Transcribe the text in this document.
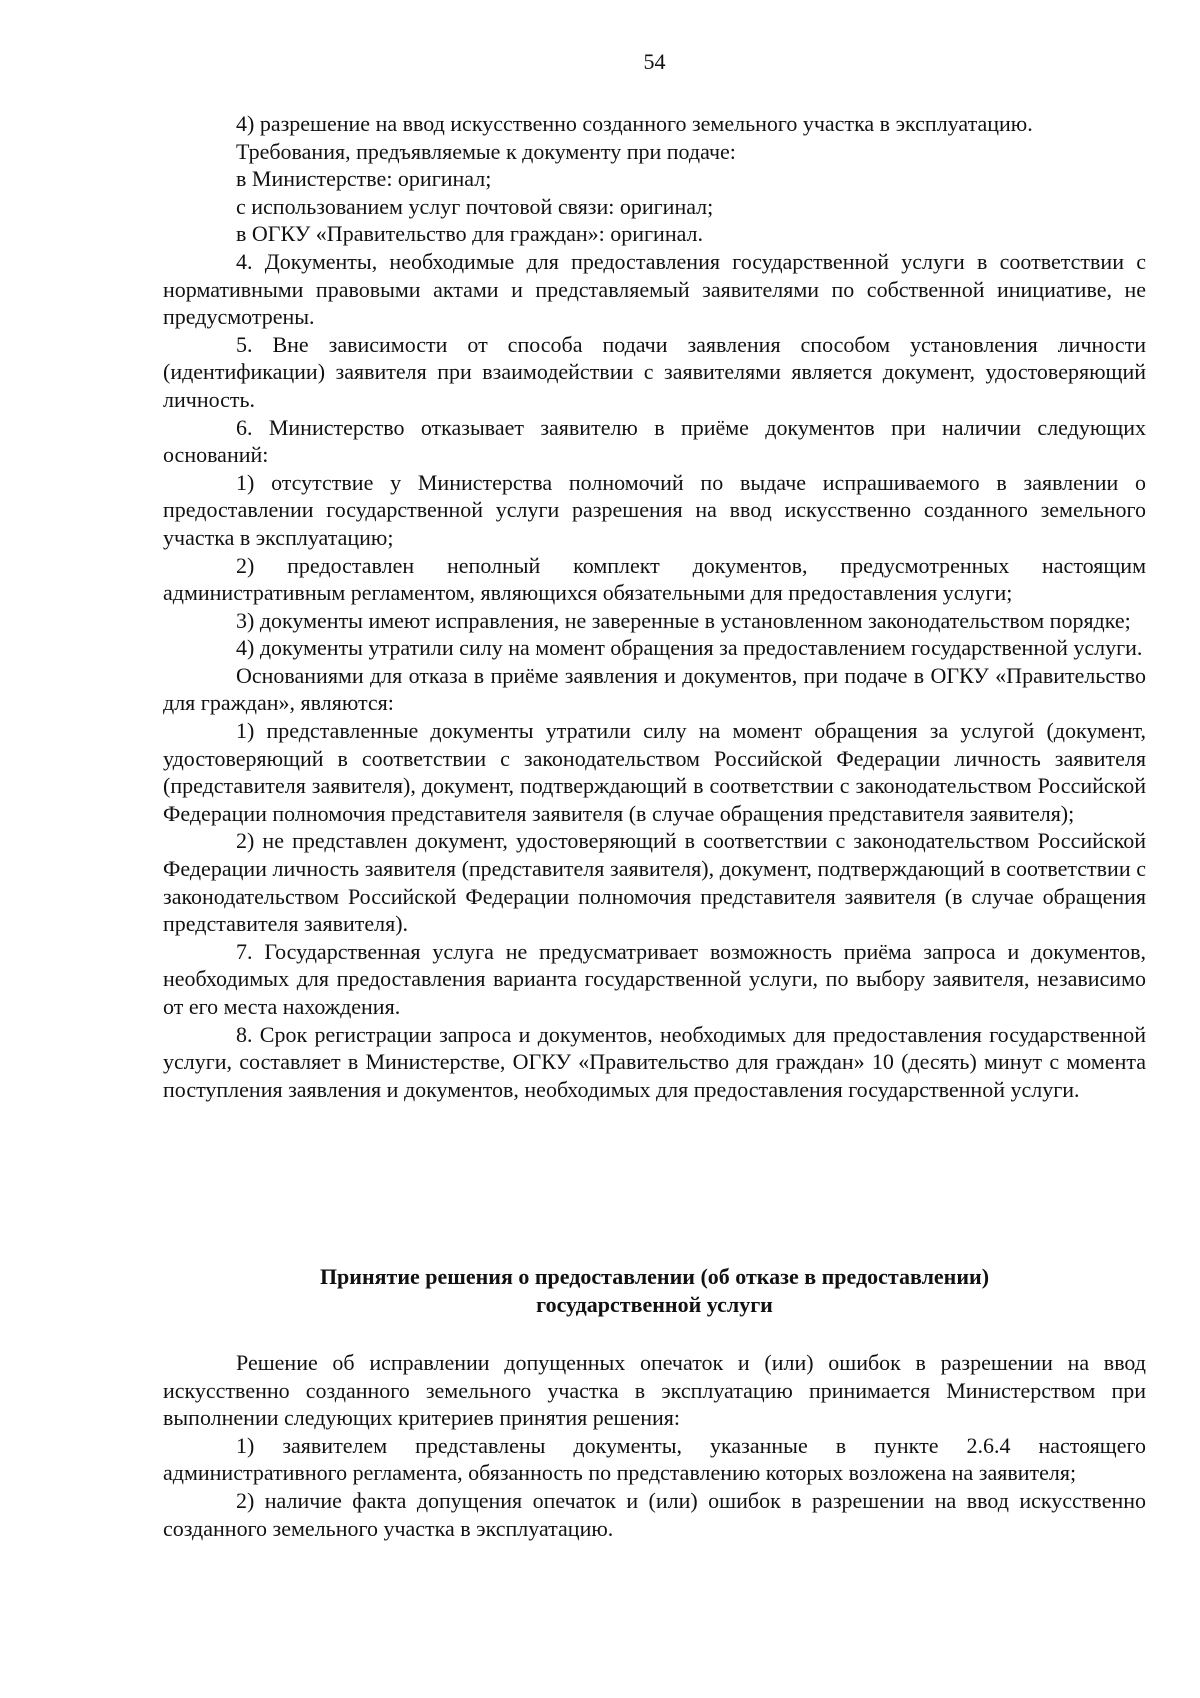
54

4) разрешение на ввод искусственно созданного земельного участка в эксплуатацию.

Требования, предъявляемые к документу при подаче:

в Министерстве: оригинал;

с использованием услуг почтовой связи: оригинал;

в ОГКУ «Правительство для граждан»: оригинал.

4. Документы, необходимые для предоставления государственной услуги в соответствии с нормативными правовыми актами и представляемый заявителями по собственной инициативе, не предусмотрены.

5. Вне зависимости от способа подачи заявления способом установления личности (идентификации) заявителя при взаимодействии с заявителями является документ, удостоверяющий личность.

6. Министерство отказывает заявителю в приёме документов при наличии следующих оснований:

1) отсутствие у Министерства полномочий по выдаче испрашиваемого в заявлении о предоставлении государственной услуги разрешения на ввод искусственно созданного земельного участка в эксплуатацию;

2) предоставлен неполный комплект документов, предусмотренных настоящим административным регламентом, являющихся обязательными для предоставления услуги;

3) документы имеют исправления, не заверенные в установленном законодательством порядке;

4) документы утратили силу на момент обращения за предоставлением государственной услуги.

Основаниями для отказа в приёме заявления и документов, при подаче в ОГКУ «Правительство для граждан», являются:

1) представленные документы утратили силу на момент обращения за услугой (документ, удостоверяющий в соответствии с законодательством Российской Федерации личность заявителя (представителя заявителя), документ, подтверждающий в соответствии с законодательством Российской Федерации полномочия представителя заявителя (в случае обращения представителя заявителя);

2) не представлен документ, удостоверяющий в соответствии с законодательством Российской Федерации личность заявителя (представителя заявителя), документ, подтверждающий в соответствии с законодательством Российской Федерации полномочия представителя заявителя (в случае обращения представителя заявителя).

7. Государственная услуга не предусматривает возможность приёма запроса и документов, необходимых для предоставления варианта государственной услуги, по выбору заявителя, независимо от его места нахождения.

8. Срок регистрации запроса и документов, необходимых для предоставления государственной услуги, составляет в Министерстве, ОГКУ «Правительство для граждан» 10 (десять) минут с момента поступления заявления и документов, необходимых для предоставления государственной услуги.

Принятие решения о предоставлении (об отказе в предоставлении)
государственной услуги

Решение об исправлении допущенных опечаток и (или) ошибок в разрешении на ввод искусственно созданного земельного участка в эксплуатацию принимается Министерством при выполнении следующих критериев принятия решения:

1) заявителем представлены документы, указанные в пункте 2.6.4 настоящего административного регламента, обязанность по представлению которых возложена на заявителя;

2) наличие факта допущения опечаток и (или) ошибок в разрешении на ввод искусственно созданного земельного участка в эксплуатацию.
